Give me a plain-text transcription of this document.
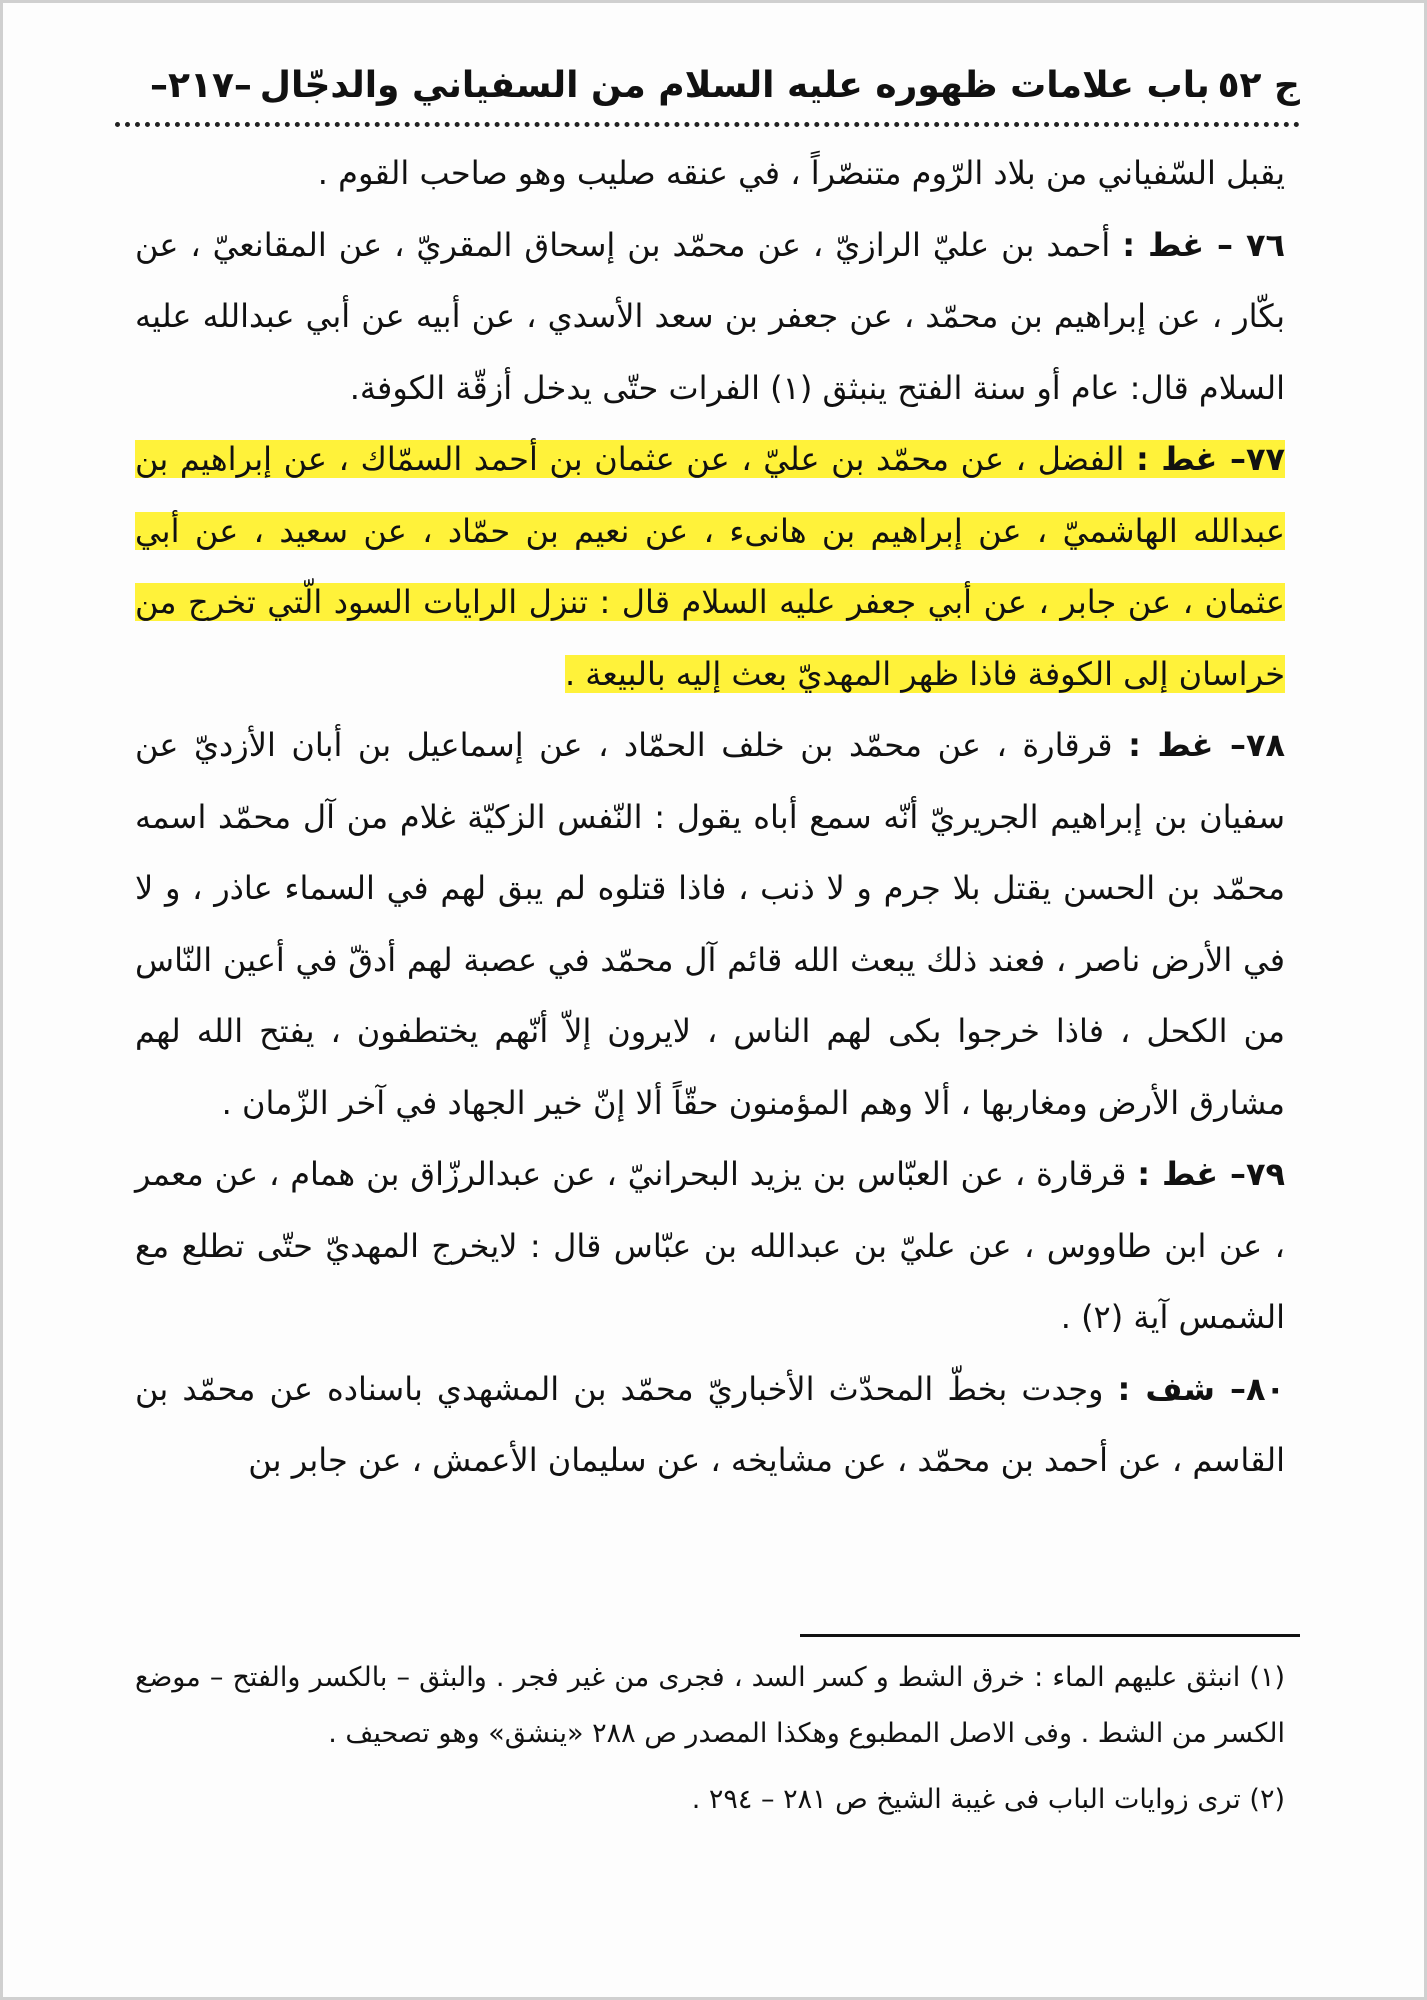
ج ٥٢
باب علامات ظهوره عليه السلام من السفياني والدجّال
–٢١٧–

يقبل السّفياني من بلاد الرّوم متنصّراً ، في عنقه صليب وهو صاحب القوم .

٧٦ – غط : أحمد بن عليّ الرازيّ ، عن محمّد بن إسحاق المقريّ ، عن المقانعيّ ، عن بكّار ، عن إبراهيم بن محمّد ، عن جعفر بن سعد الأسدي ، عن أبيه عن أبي عبدالله عليه السلام قال: عام أو سنة الفتح ينبثق (١) الفرات حتّى يدخل أزقّة الكوفة.

٧٧– غط : الفضل ، عن محمّد بن عليّ ، عن عثمان بن أحمد السمّاك ، عن إبراهيم بن عبدالله الهاشميّ ، عن إبراهيم بن هانىء ، عن نعيم بن حمّاد ، عن سعيد ، عن أبي عثمان ، عن جابر ، عن أبي جعفر عليه السلام قال : تنزل الرايات السود الّتي تخرج من خراسان إلى الكوفة فاذا ظهر المهديّ بعث إليه بالبيعة .

٧٨– غط : قرقارة ، عن محمّد بن خلف الحمّاد ، عن إسماعيل بن أبان الأزديّ عن سفيان بن إبراهيم الجريريّ أنّه سمع أباه يقول : النّفس الزكيّة غلام من آل محمّد اسمه محمّد بن الحسن يقتل بلا جرم و لا ذنب ، فاذا قتلوه لم يبق لهم في السماء عاذر ، و لا في الأرض ناصر ، فعند ذلك يبعث الله قائم آل محمّد في عصبة لهم أدقّ في أعين النّاس من الكحل ، فاذا خرجوا بكى لهم الناس ، لايرون إلاّ أنّهم يختطفون ، يفتح الله لهم مشارق الأرض ومغاربها ، ألا وهم المؤمنون حقّاً ألا إنّ خير الجهاد في آخر الزّمان .

٧٩– غط : قرقارة ، عن العبّاس بن يزيد البحرانيّ ، عن عبدالرزّاق بن همام ، عن معمر ، عن ابن طاووس ، عن عليّ بن عبدالله بن عبّاس قال : لايخرج المهديّ حتّى تطلع مع الشمس آية (٢) .

٨٠– شف : وجدت بخطّ المحدّث الأخباريّ محمّد بن المشهدي باسناده عن محمّد بن القاسم ، عن أحمد بن محمّد ، عن مشايخه ، عن سليمان الأعمش ، عن جابر بن

(١) انبثق عليهم الماء : خرق الشط و كسر السد ، فجرى من غير فجر . والبثق – بالكسر والفتح – موضع الكسر من الشط . وفى الاصل المطبوع وهكذا المصدر ص ٢٨٨ «ينشق» وهو تصحيف .

(٢) ترى زوايات الباب فى غيبة الشيخ ص ٢٨١ – ٢٩٤ .
